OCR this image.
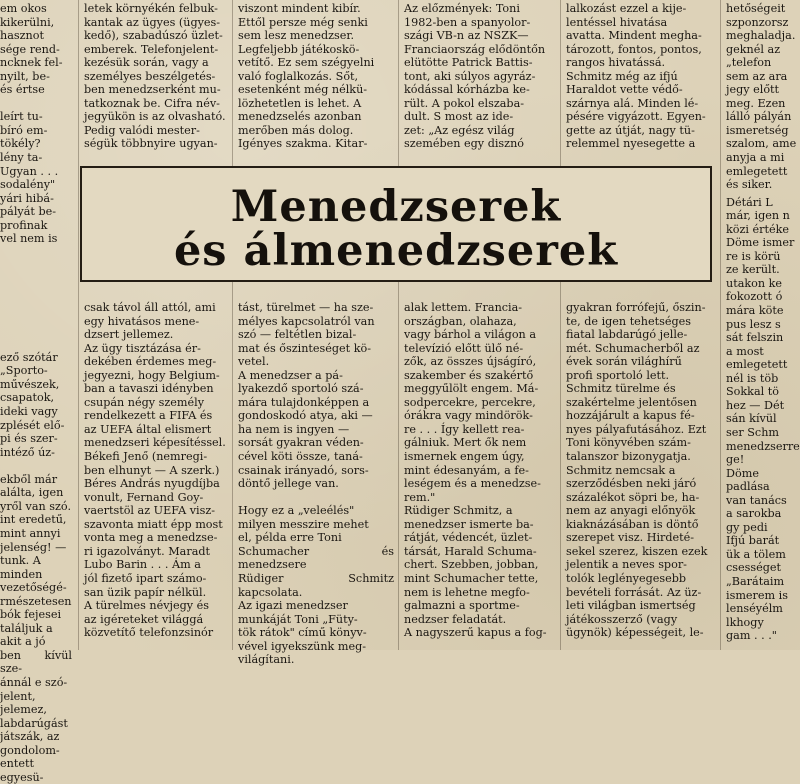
em okos

kikerülni,

hasznot

sége rend-

ncknek fel-

nyilt, be-

és értse

leírt tu-

bíró em-

tökély?

lény ta-

Ugyan . . .

sodalény"

yári hibá-

pályát be-

profinak

vel nem is

ező szótár

„Sporto-

művészek,

csapatok,

ideki vagy

zplését elő-

pi és szer-

intéző úz-

ekből már

alálta, igen

yről van szó.

int eredetű,

mint annyi

jelenség! —

tunk. A

minden

vezetőségé-

rmészetesen

bók fejesei

találjuk a

akit a jó

ben kívül sze-

ánnál e szó-

jelent, jelemez,

labdarúgást

játszák, az

gondolom-

entett egyesü-

letek környékén felbuk-

kantak az ügyes (ügyes-

kedő), szabadúszó üzlet-

emberek. Telefonjelent-

kezésük során, vagy a

személyes beszélgetés-

ben menedzserként mu-

tatkoznak be. Cifra név-

jegyükön is az olvasható.

Pedig valódi mester-

ségük többnyire ugyan-

csak távol áll attól, ami

egy hivatásos mene-

dzsert jellemez.

Az ügy tisztázása ér-

dekében érdemes meg-

jegyezni, hogy Belgium-

ban a tavaszi idényben

csupán négy személy

rendelkezett a FIFA és

az UEFA által elismert

menedzseri képesítéssel.

Békefi Jenő (nemregi-

ben elhunyt — A szerk.)

Béres András nyugdíjba

vonult, Fernand Goy-

vaertstöl az UEFA visz-

szavonta miatt épp most

vonta meg a menedzse-

ri igazolványt. Maradt

Lubo Barin . . . Ám a

jól fizető ipart számo-

san üzik papír nélkül.

A türelmes névjegy és

az igéreteket világgá

közvetítő telefonzsinór

viszont mindent kibír.

Ettől persze még senki

sem lesz menedzser.

Legfeljebb játékoskö-

vetítő. Ez sem szégyelni

való foglalkozás. Sőt,

esetenként még nélkü-

lözhetetlen is lehet. A

menedzselés azonban

merőben más dolog.

Igényes szakma. Kitar-

tást, türelmet — ha sze-

mélyes kapcsolatról van

szó — feltétlen bizal-

mat és őszinteséget kö-

vetel.

A menedzser a pá-

lyakezdő sportoló szá-

mára tulajdonképpen a

gondoskodó atya, aki —

ha nem is ingyen —

sorsát gyakran véden-

cével köti össze, taná-

csainak irányadó, sors-

döntő jellege van.

Hogy ez a „veleélés"

milyen messzire mehet

el, példa erre Toni

Schumacher és menedzsere

Rüdiger Schmitz kapcsolata.

Az igazi menedzser

munkáját Toni „Füty-

tök rátok" című könyv-

vével igyekszünk meg-

világítani.

Az előzmények: Toni

1982-ben a spanyolor-

szági VB-n az NSZK—

Franciaország elődöntőn

elütötte Patrick Battis-

tont, aki súlyos agyráz-

kódással kórházba ke-

rült. A pokol elszaba-

dult. S most az ide-

zet: „Az egész világ

szemében egy disznó

alak lettem. Francia-

országban, olahaza,

vagy bárhol a világon a

televízió előtt ülő né-

zők, az összes újságíró,

szakember és szakértő

meggyűlölt engem. Má-

sodpercekre, percekre,

órákra vagy mindörök-

re . . . Így kellett rea-

gálniuk. Mert ők nem

ismernek engem úgy,

mint édesanyám, a fe-

leségem és a menedzse-

rem."

Rüdiger Schmitz, a

menedzser ismerte ba-

rátját, védencét, üzlet-

társát, Harald Schuma-

chert. Szebben, jobban,

mint Schumacher tette,

nem is lehetne megfo-

galmazni a sportme-

nedzser feladatát.

A nagyszerű kapus a fog-

lalkozást ezzel a kije-

lentéssel hivatása

avatta. Mindent megha-

tározott, fontos, pontos,

rangos hivatássá.

Schmitz még az ifjú

Haraldot vette védő-

szárnya alá. Minden lé-

pésére vigyázott. Egyen-

gette az útját, nagy tü-

relemmel nyesegette a

gyakran forrófejű, őszin-

te, de igen tehetséges

fiatal labdarúgó jelle-

mét. Schumacherből az

évek során világhírű

profi sportoló lett.

Schmitz türelme és

szakértelme jelentősen

hozzájárult a kapus fé-

nyes pályafutásához. Ezt

Toni könyvében szám-

talanszor bizonygatja.

Schmitz nemcsak a

szerződésben neki járó

százalékot söpri be, ha-

nem az anyagi előnyök

kiaknázásában is döntő

szerepet visz. Hirdeté-

sekel szerez, kiszen ezek

jelentik a neves spor-

tolók leglényegesebb

bevételi forrását. Az üz-

leti világban ismertség

játékosszerző (vagy

ügynök) képességeit, le-

hetőségeit

szponzorsz

meghaladja.

geknél az

„telefon

sem az ara

jegy előtt

meg. Ezen

lálló pályán

ismeretség

szalom, ame

anyja a mi

emlegetett

és siker.

Détári L

már, igen n

közi értéke

Döme ismer

re is körü

ze került.

utakon ke

fokozott ó

mára köte

pus lesz s

sát felszin

a most

emlegetett

nél is töb

Sokkal tö

hez — Dét

sán kívül

ser Schm

menedzserre

ge!

Döme

padlása

van tanács

a sarokba

gy pedi

Ifjú barát

ük a tölem

csességet

„Barátaim

ismerem is

lenséyélm

lkhogy

gam . . ."

Menedzserek
és álmenedzserek
